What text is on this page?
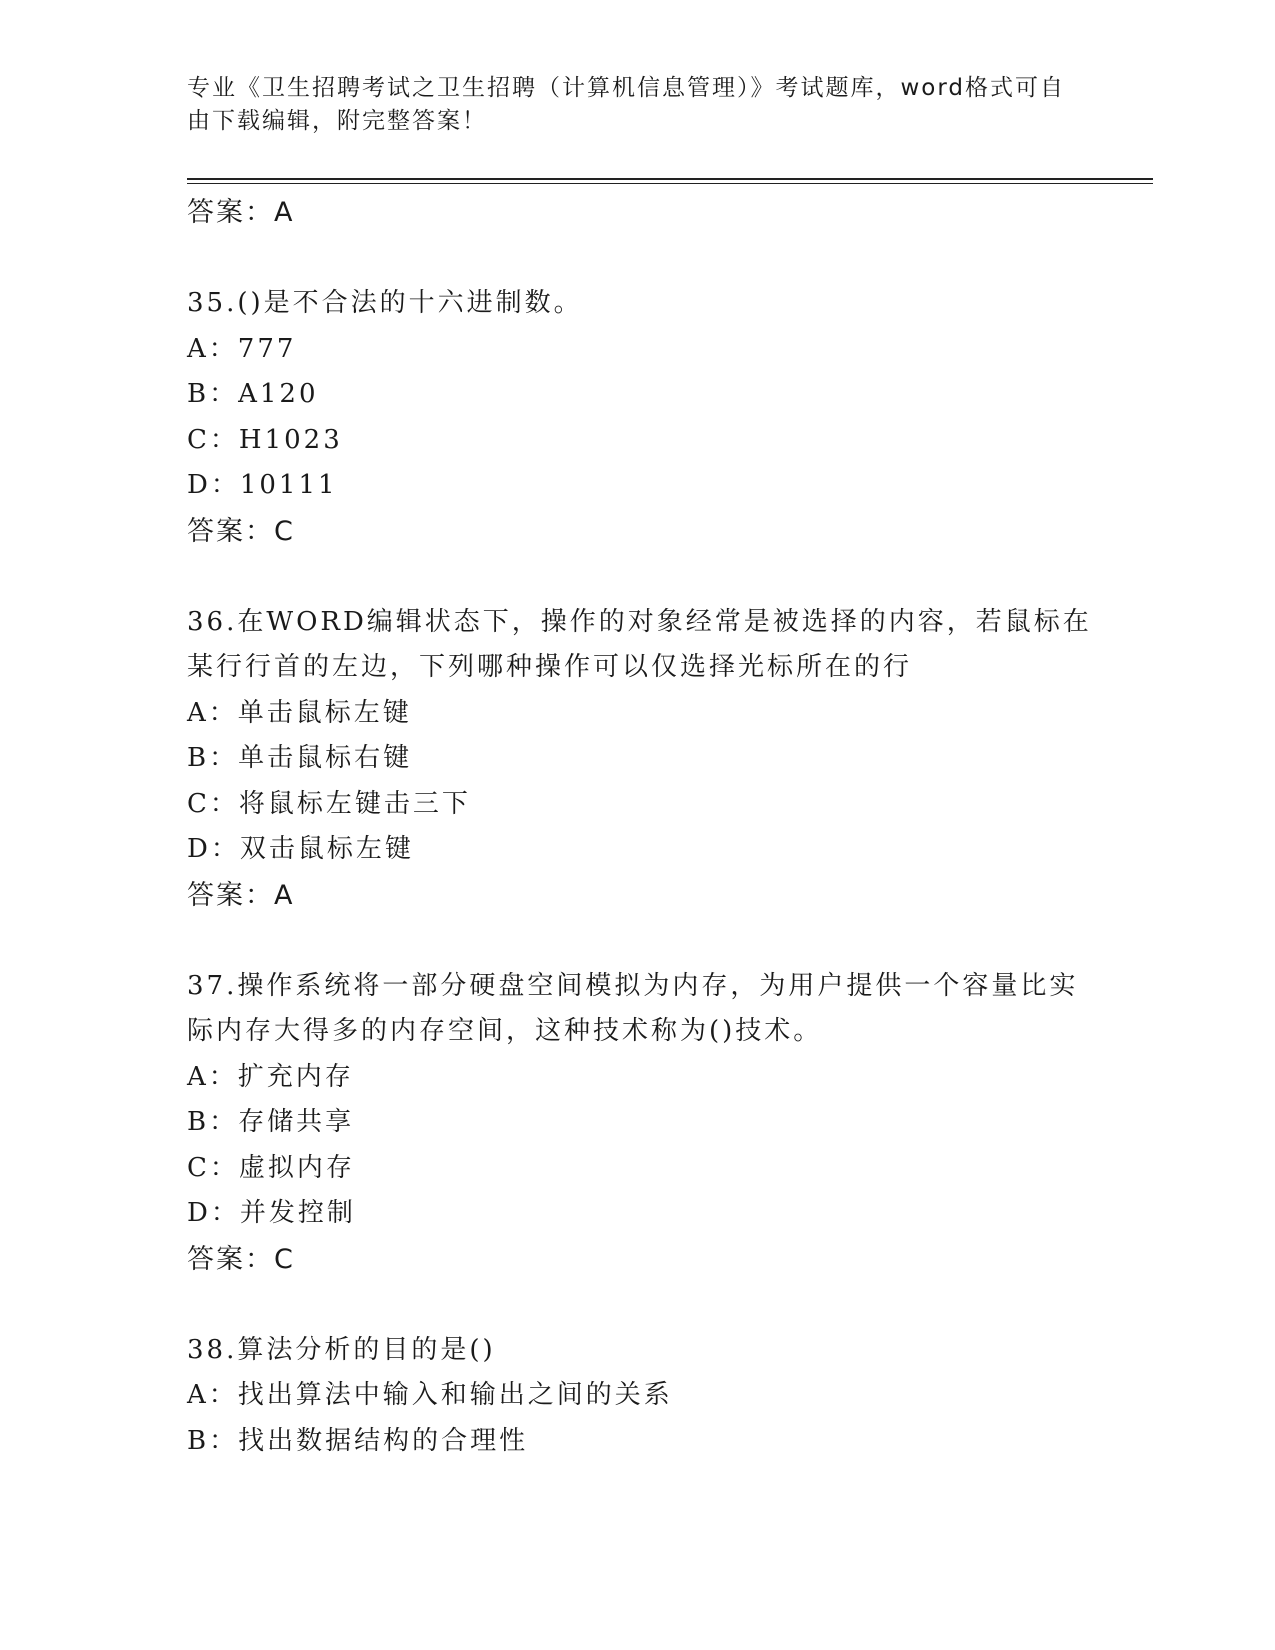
专业《卫生招聘考试之卫生招聘（计算机信息管理）》考试题库，word格式可自
由下载编辑，附完整答案！
答案：A
35.()是不合法的十六进制数。
A：777
B：A120
C：H1023
D：10111
答案：C
36.在WORD编辑状态下，操作的对象经常是被选择的内容，若鼠标在
某行行首的左边，下列哪种操作可以仅选择光标所在的行
A：单击鼠标左键
B：单击鼠标右键
C：将鼠标左键击三下
D：双击鼠标左键
答案：A
37.操作系统将一部分硬盘空间模拟为内存，为用户提供一个容量比实
际内存大得多的内存空间，这种技术称为()技术。
A：扩充内存
B：存储共享
C：虚拟内存
D：并发控制
答案：C
38.算法分析的目的是()
A：找出算法中输入和输出之间的关系
B：找出数据结构的合理性
